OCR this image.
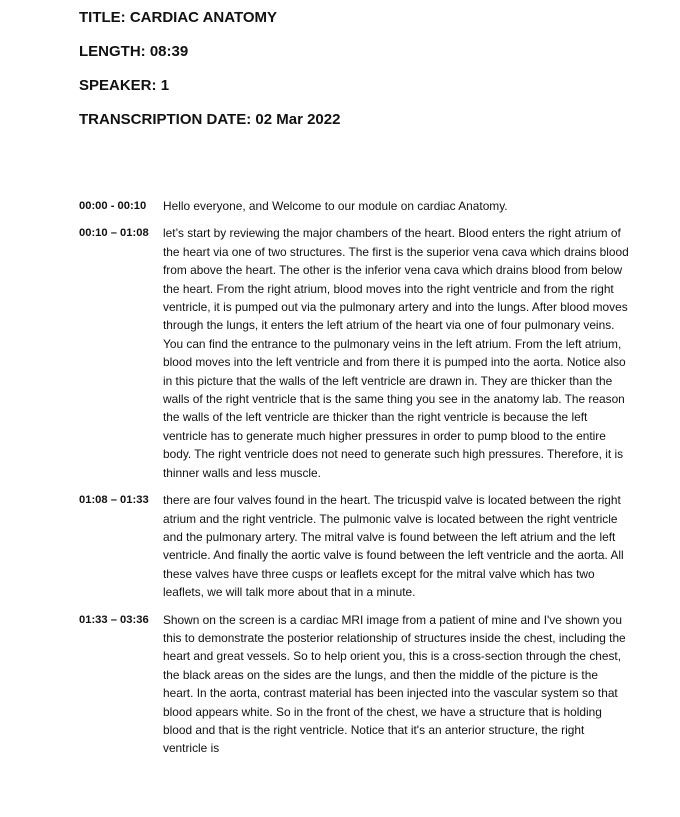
TITLE: CARDIAC ANATOMY
LENGTH: 08:39
SPEAKER: 1
TRANSCRIPTION DATE: 02 Mar 2022
00:00 - 00:10	Hello everyone, and Welcome to our module on cardiac Anatomy.
00:10 – 01:08	let’s start by reviewing the major chambers of the heart. Blood enters the right atrium of the heart via one of two structures. The first is the superior vena cava which drains blood from above the heart. The other is the inferior vena cava which drains blood from below the heart. From the right atrium, blood moves into the right ventricle and from the right ventricle, it is pumped out via the pulmonary artery and into the lungs. After blood moves through the lungs, it enters the left atrium of the heart via one of four pulmonary veins. You can find the entrance to the pulmonary veins in the left atrium. From the left atrium, blood moves into the left ventricle and from there it is pumped into the aorta. Notice also in this picture that the walls of the left ventricle are drawn in. They are thicker than the walls of the right ventricle that is the same thing you see in the anatomy lab. The reason the walls of the left ventricle are thicker than the right ventricle is because the left ventricle has to generate much higher pressures in order to pump blood to the entire body. The right ventricle does not need to generate such high pressures. Therefore, it is thinner walls and less muscle.
01:08 – 01:33	there are four valves found in the heart. The tricuspid valve is located between the right atrium and the right ventricle. The pulmonic valve is located between the right ventricle and the pulmonary artery. The mitral valve is found between the left atrium and the left ventricle. And finally the aortic valve is found between the left ventricle and the aorta. All these valves have three cusps or leaflets except for the mitral valve which has two leaflets, we will talk more about that in a minute.
01:33 – 03:36	Shown on the screen is a cardiac MRI image from a patient of mine and I've shown you this to demonstrate the posterior relationship of structures inside the chest, including the heart and great vessels. So to help orient you, this is a cross-section through the chest, the black areas on the sides are the lungs, and then the middle of the picture is the heart. In the aorta, contrast material has been injected into the vascular system so that blood appears white. So in the front of the chest, we have a structure that is holding blood and that is the right ventricle. Notice that it's an anterior structure, the right ventricle is
